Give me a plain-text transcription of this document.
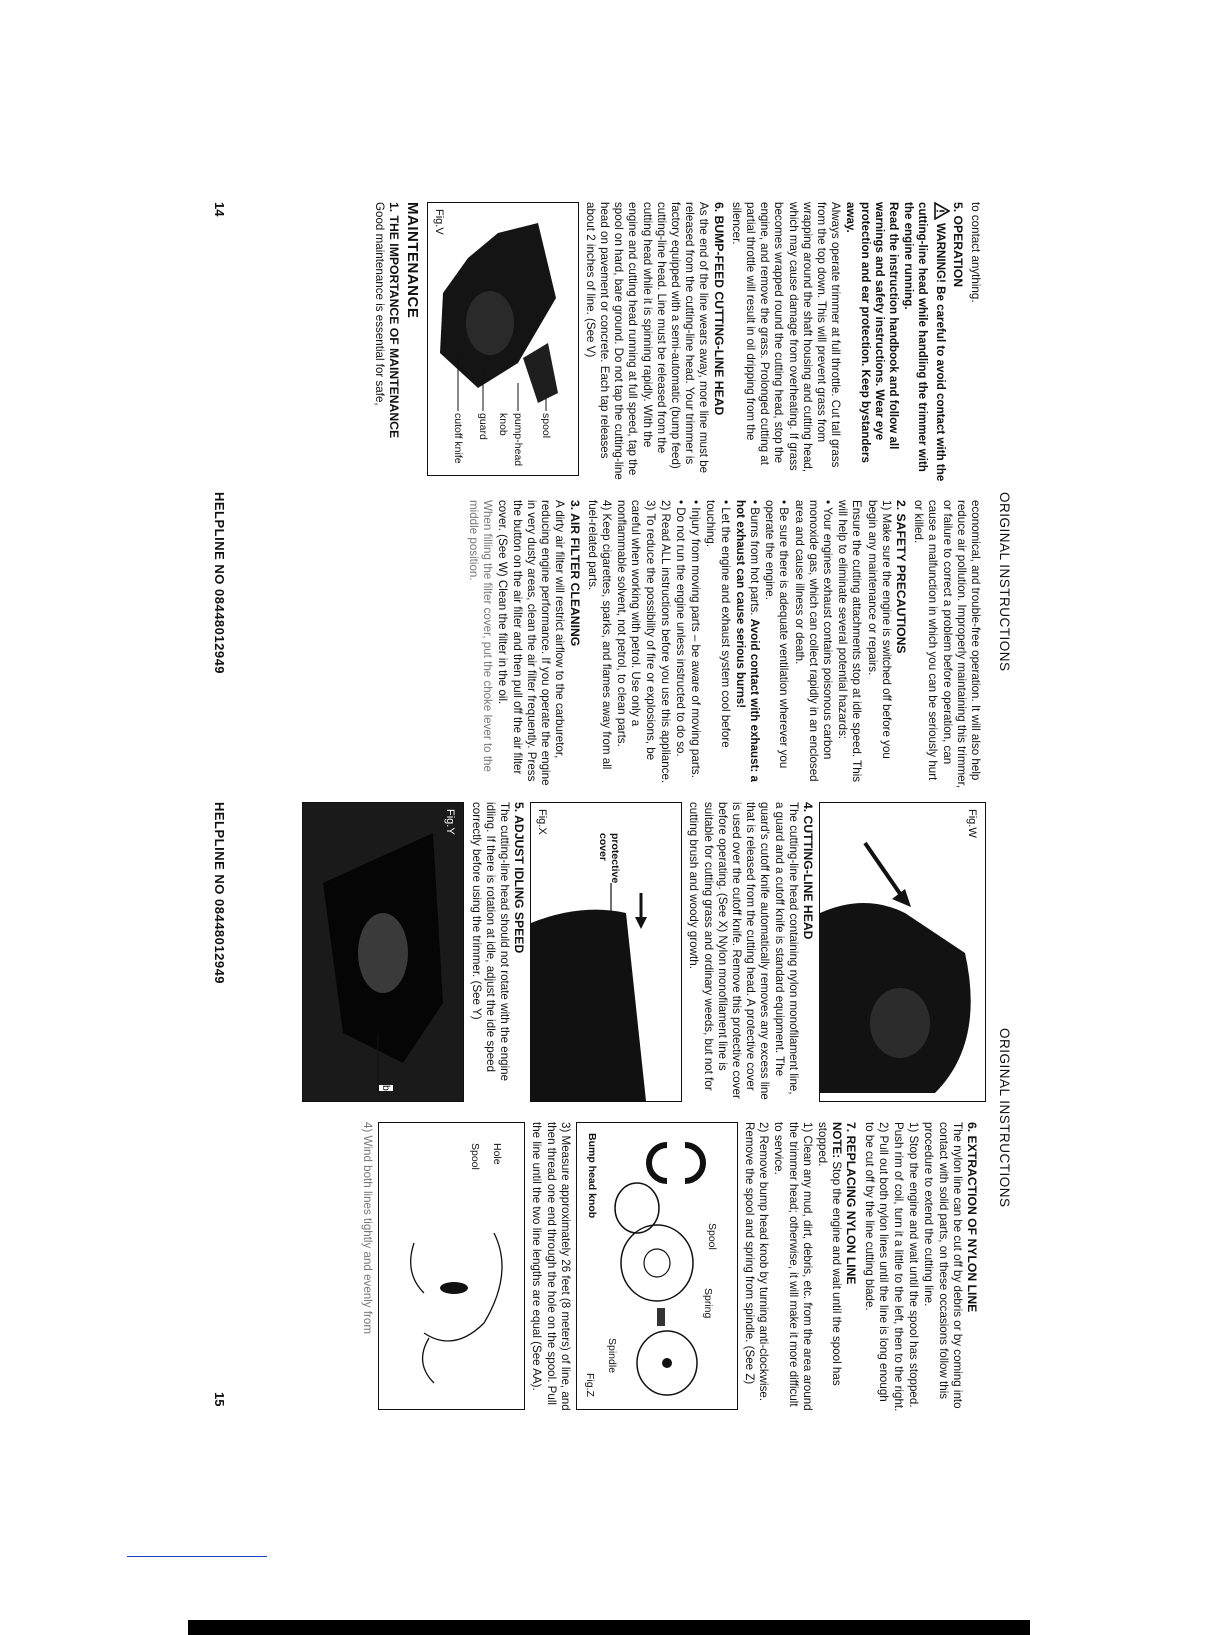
ORIGINAL INSTRUCTIONS

to contact anything.

5. OPERATION

WARNING! Be careful to avoid contact with the cutting-line head while handling the trimmer with the engine running.

Read the instruction handbook and follow all warnings and safety instructions. Wear eye protection and ear protection. Keep bystanders away.

Always operate trimmer at full throttle. Cut tall grass from the top down. This will prevent grass from wrapping around the shaft housing and cutting head, which may cause damage from overheating. If grass becomes wrapped round the cutting head, stop the engine, and remove the grass. Prolonged cutting at partial throttle will result in oil dripping from the silencer.

6. BUMP-FEED CUTTING-LINE HEAD

As the end of the line wears away, more line must be released from the cutting-line head. Your trimmer is factory equipped with a semi-automatic (bump feed) cutting-line head. Line must be released from the cutting head while it is spinning rapidly. With the engine and cutting head running at full speed, tap the spool on hard, bare ground. Do not tap the cutting-line head on pavement or concrete. Each tap releases about 2 inches of line. (See V)

spool
pump-head knob
guard
cutoff knife
Fig.V

MAINTENANCE

1. THE IMPORTANCE OF MAINTENANCE

Good maintenance is essential for safe,

economical, and trouble-free operation. It will also help reduce air pollution. Improperly maintaining this trimmer, or failure to correct a problem before operation, can cause a malfunction in which you can be seriously hurt or killed.

2. SAFETY PRECAUTIONS

1) Make sure the engine is switched off before you begin any maintenance or repairs.

Ensure the cutting attachments stop at idle speed. This will help to eliminate several potential hazards:

• Your engines exhaust contains poisonous carbon monoxide gas, which can collect rapidly in an enclosed area and cause illness or death.

• Be sure there is adequate ventilation wherever you operate the engine.

• Burns from hot parts. Avoid contact with exhaust: a hot exhaust can cause serious burns!

• Let the engine and exhaust system cool before touching.

• Injury from moving parts – be aware of moving parts.

• Do not run the engine unless instructed to do so.

2) Read ALL instructions before you use this appliance.

3) To reduce the possibility of fire or explosions, be careful when working with petrol. Use only a nonflammable solvent, not petrol, to clean parts.

4) Keep cigarettes, sparks, and flames away from all fuel-related parts.

3. AIR FILTER CLEANING

A dirty air filter will restrict airflow to the carburetor, reducing engine performance. If you operate the engine in very dusty areas, clean the air filter frequently. Press the button on the air filter and then pull off the air filter cover. (See W) Clean the filter in the oil.

When filling the filter cover, put the choke lever to the middle position.

14
HELPLINE NO 08448012949
ORIGINAL INSTRUCTIONS
Fig.W

4. CUTTING-LINE HEAD

The cutting-line head containing nylon monofilament line, a guard and a cutoff knife is standard equipment. The guard's cutoff knife automatically removes any excess line that is released from the cutting head. A protective cover is used over the cutoff knife. Remove this protective cover before operating. (See X) Nylon monofilament line is suitable for cutting grass and ordinary weeds, but not for cutting brush and woody growth.

protective cover
Fig.X

5. ADJUST IDLING SPEED

The cutting-line head should not rotate with the engine idling. If there is rotation at idle, adjust the idle speed correctly before using the trimmer. (See Y)

b
Fig.Y

6. EXTRACTION OF NYLON LINE

The nylon line can be cut off by debris or by coming into contact with solid parts, on these occasions follow this procedure to extend the cutting line.

1) Stop the engine and wait until the spool has stopped.

Push rim of coil, turn it a little to the left, then to the right.

2) Pull out both nylon lines until the line is long enough to be cut off by the line cutting blade.

7. REPLACING NYLON LINE

NOTE: Stop the engine and wait until the spool has stopped.

1) Clean any mud, dirt, debris, etc. from the area around the trimmer head; otherwise, it will make it more difficult to service.

2) Remove bump head knob by turning anti-clockwise. Remove the spool and spring from spindle. (See Z)

Spool
Spring
Spindle
Bump head knob
Fig.Z

3) Measure approximately 26 feet (8 meters) of line, and then thread one end through the hole on the spool. Pull the line until the two line lengths are equal (See AA).

Hole
Spool

4) Wind both lines tightly and evenly from

HELPLINE NO 08448012949
15
